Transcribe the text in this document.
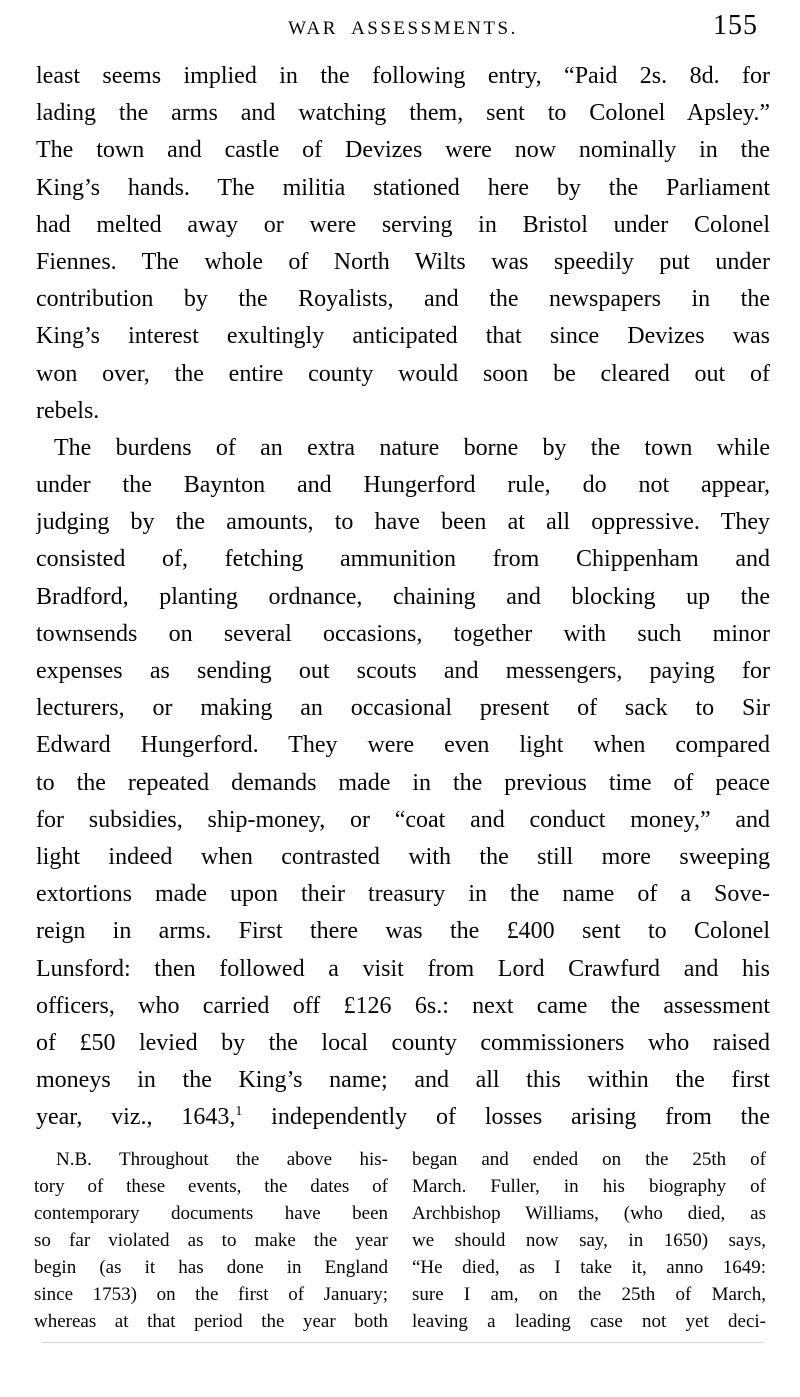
WAR ASSESSMENTS.	155
least seems implied in the following entry, “Paid 2s. 8d. for
lading the arms and watching them, sent to Colonel Apsley.”
The town and castle of Devizes were now nominally in the
King’s hands. The militia stationed here by the Parliament
had melted away or were serving in Bristol under Colonel
Fiennes. The whole of North Wilts was speedily put under
contribution by the Royalists, and the newspapers in the
King’s interest exultingly anticipated that since Devizes was
won over, the entire county would soon be cleared out of
rebels.
The burdens of an extra nature borne by the town while
under the Baynton and Hungerford rule, do not appear,
judging by the amounts, to have been at all oppressive. They
consisted of, fetching ammunition from Chippenham and
Bradford, planting ordnance, chaining and blocking up the
townsends on several occasions, together with such minor
expenses as sending out scouts and messengers, paying for
lecturers, or making an occasional present of sack to Sir
Edward Hungerford. They were even light when compared
to the repeated demands made in the previous time of peace
for subsidies, ship-money, or “coat and conduct money,” and
light indeed when contrasted with the still more sweeping
extortions made upon their treasury in the name of a Sove-
reign in arms. First there was the £400 sent to Colonel
Lunsford: then followed a visit from Lord Crawfurd and his
officers, who carried off £126 6s.: next came the assessment
of £50 levied by the local county commissioners who raised
moneys in the King’s name; and all this within the first
year, viz., 1643,$^1$ independently of losses arising from the
N.B. Throughout the above his-
tory of these events, the dates of
contemporary documents have been
so far violated as to make the year
begin (as it has done in England
since 1753) on the first of January;
whereas at that period the year both
began and ended on the 25th of
March. Fuller, in his biography of
Archbishop Williams, (who died, as
we should now say, in 1650) says,
“He died, as I take it, anno 1649:
sure I am, on the 25th of March,
leaving a leading case not yet deci-
